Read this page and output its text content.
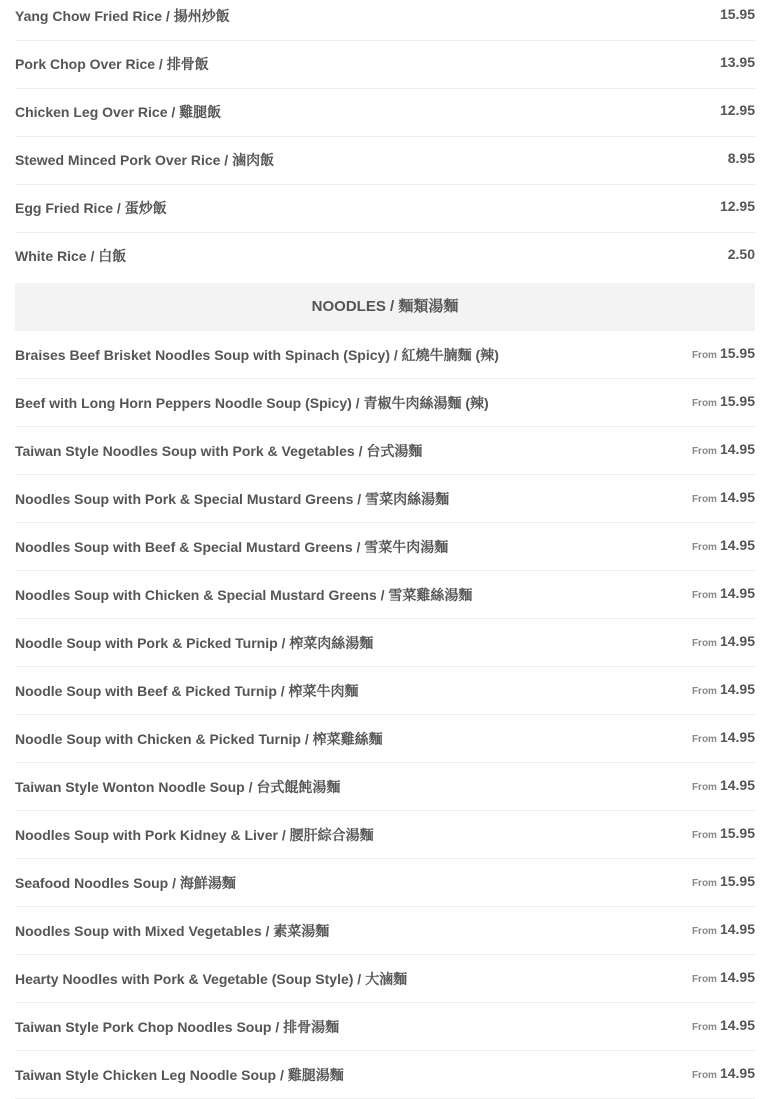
Yang Chow Fried Rice / 揚州炒飯	15.95
Pork Chop Over Rice / 排骨飯	13.95
Chicken Leg Over Rice / 雞腿飯	12.95
Stewed Minced Pork Over Rice / 滷肉飯	8.95
Egg Fried Rice / 蛋炒飯	12.95
White Rice / 白飯	2.50
NOODLES / 麵類湯麵
Braises Beef Brisket Noodles Soup with Spinach (Spicy) / 紅燒牛腩麵 (辣)	From 15.95
Beef with Long Horn Peppers Noodle Soup (Spicy) / 青椒牛肉絲湯麵 (辣)	From 15.95
Taiwan Style Noodles Soup with Pork & Vegetables / 台式湯麵	From 14.95
Noodles Soup with Pork & Special Mustard Greens / 雪菜肉絲湯麵	From 14.95
Noodles Soup with Beef & Special Mustard Greens / 雪菜牛肉湯麵	From 14.95
Noodles Soup with Chicken & Special Mustard Greens / 雪菜雞絲湯麵	From 14.95
Noodle Soup with Pork & Picked Turnip / 榨菜肉絲湯麵	From 14.95
Noodle Soup with Beef & Picked Turnip / 榨菜牛肉麵	From 14.95
Noodle Soup with Chicken & Picked Turnip / 榨菜雞絲麵	From 14.95
Taiwan Style Wonton Noodle Soup / 台式餛飩湯麵	From 14.95
Noodles Soup with Pork Kidney & Liver / 腰肝綜合湯麵	From 15.95
Seafood Noodles Soup / 海鮮湯麵	From 15.95
Noodles Soup with Mixed Vegetables / 素菜湯麵	From 14.95
Hearty Noodles with Pork & Vegetable (Soup Style) / 大滷麵	From 14.95
Taiwan Style Pork Chop Noodles Soup / 排骨湯麵	From 14.95
Taiwan Style Chicken Leg Noodle Soup / 雞腿湯麵	From 14.95
